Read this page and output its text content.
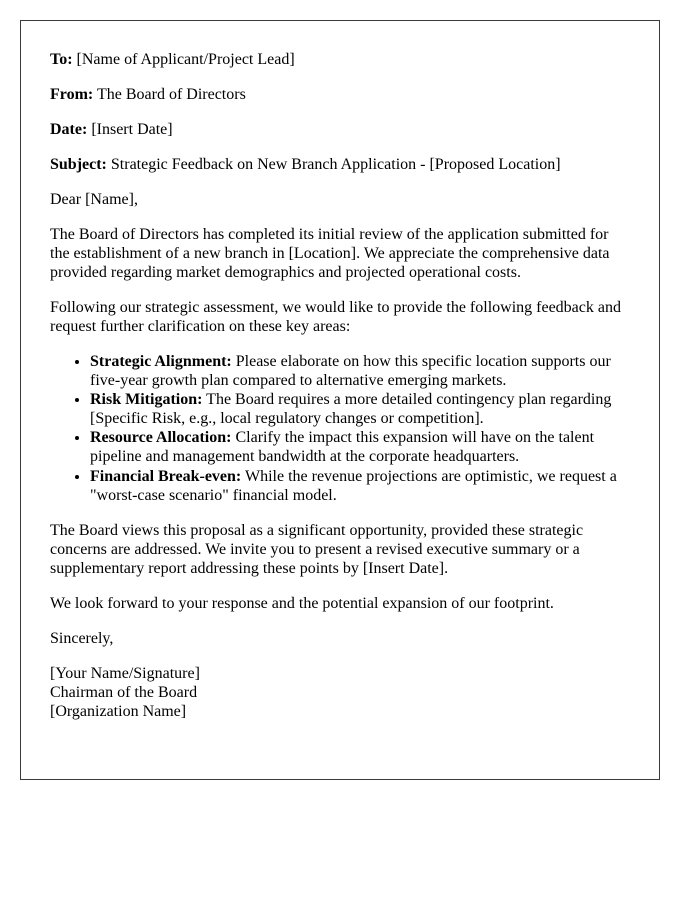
To: [Name of Applicant/Project Lead]

From: The Board of Directors

Date: [Insert Date]

Subject: Strategic Feedback on New Branch Application - [Proposed Location]

Dear [Name],

The Board of Directors has completed its initial review of the application submitted for the establishment of a new branch in [Location]. We appreciate the comprehensive data provided regarding market demographics and projected operational costs.

Following our strategic assessment, we would like to provide the following feedback and request further clarification on these key areas:

• Strategic Alignment: Please elaborate on how this specific location supports our five-year growth plan compared to alternative emerging markets.
• Risk Mitigation: The Board requires a more detailed contingency plan regarding [Specific Risk, e.g., local regulatory changes or competition].
• Resource Allocation: Clarify the impact this expansion will have on the talent pipeline and management bandwidth at the corporate headquarters.
• Financial Break-even: While the revenue projections are optimistic, we request a "worst-case scenario" financial model.

The Board views this proposal as a significant opportunity, provided these strategic concerns are addressed. We invite you to present a revised executive summary or a supplementary report addressing these points by [Insert Date].

We look forward to your response and the potential expansion of our footprint.

Sincerely,

[Your Name/Signature]
Chairman of the Board
[Organization Name]
